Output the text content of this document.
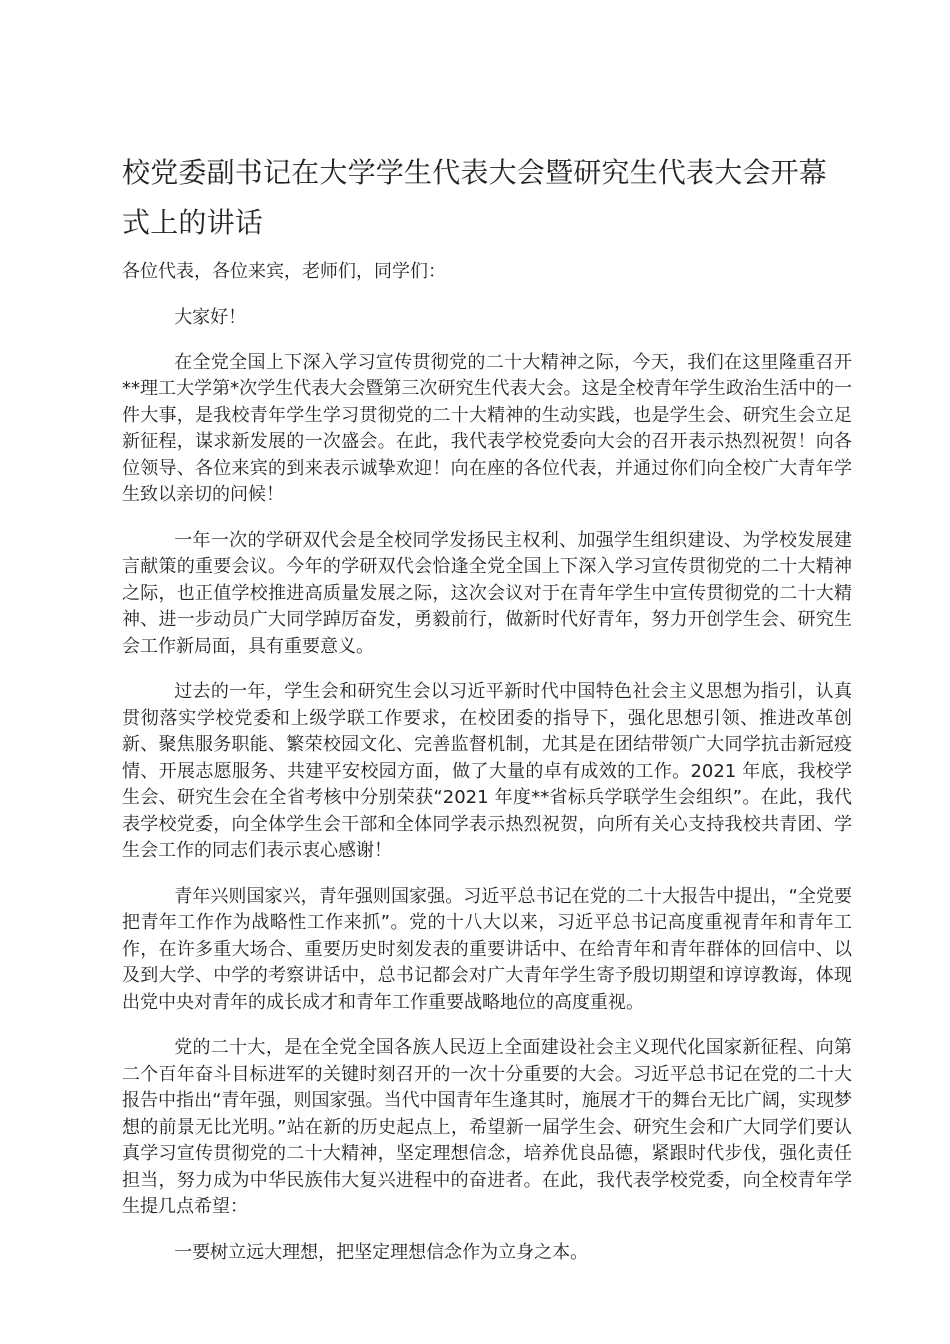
校党委副书记在大学学生代表大会暨研究生代表大会开幕式上的讲话

各位代表，各位来宾，老师们，同学们：

大家好！

在全党全国上下深入学习宣传贯彻党的二十大精神之际，今天，我们在这里隆重召开**理工大学第*次学生代表大会暨第三次研究生代表大会。这是全校青年学生政治生活中的一件大事，是我校青年学生学习贯彻党的二十大精神的生动实践，也是学生会、研究生会立足新征程，谋求新发展的一次盛会。在此，我代表学校党委向大会的召开表示热烈祝贺！向各位领导、各位来宾的到来表示诚挚欢迎！向在座的各位代表，并通过你们向全校广大青年学生致以亲切的问候！

一年一次的学研双代会是全校同学发扬民主权利、加强学生组织建设、为学校发展建言献策的重要会议。今年的学研双代会恰逢全党全国上下深入学习宣传贯彻党的二十大精神之际，也正值学校推进高质量发展之际，这次会议对于在青年学生中宣传贯彻党的二十大精神、进一步动员广大同学踔厉奋发，勇毅前行，做新时代好青年，努力开创学生会、研究生会工作新局面，具有重要意义。

过去的一年，学生会和研究生会以习近平新时代中国特色社会主义思想为指引，认真贯彻落实学校党委和上级学联工作要求，在校团委的指导下，强化思想引领、推进改革创新、聚焦服务职能、繁荣校园文化、完善监督机制，尤其是在团结带领广大同学抗击新冠疫情、开展志愿服务、共建平安校园方面，做了大量的卓有成效的工作。2021 年底，我校学生会、研究生会在全省考核中分别荣获“2021 年度**省标兵学联学生会组织”。在此，我代表学校党委，向全体学生会干部和全体同学表示热烈祝贺，向所有关心支持我校共青团、学生会工作的同志们表示衷心感谢！

青年兴则国家兴，青年强则国家强。习近平总书记在党的二十大报告中提出，“全党要把青年工作作为战略性工作来抓”。党的十八大以来，习近平总书记高度重视青年和青年工作，在许多重大场合、重要历史时刻发表的重要讲话中、在给青年和青年群体的回信中、以及到大学、中学的考察讲话中，总书记都会对广大青年学生寄予殷切期望和谆谆教诲，体现出党中央对青年的成长成才和青年工作重要战略地位的高度重视。

党的二十大，是在全党全国各族人民迈上全面建设社会主义现代化国家新征程、向第二个百年奋斗目标进军的关键时刻召开的一次十分重要的大会。习近平总书记在党的二十大报告中指出“青年强，则国家强。当代中国青年生逢其时，施展才干的舞台无比广阔，实现梦想的前景无比光明。”站在新的历史起点上，希望新一届学生会、研究生会和广大同学们要认真学习宣传贯彻党的二十大精神，坚定理想信念，培养优良品德，紧跟时代步伐，强化责任担当，努力成为中华民族伟大复兴进程中的奋进者。在此，我代表学校党委，向全校青年学生提几点希望：

一要树立远大理想，把坚定理想信念作为立身之本。
